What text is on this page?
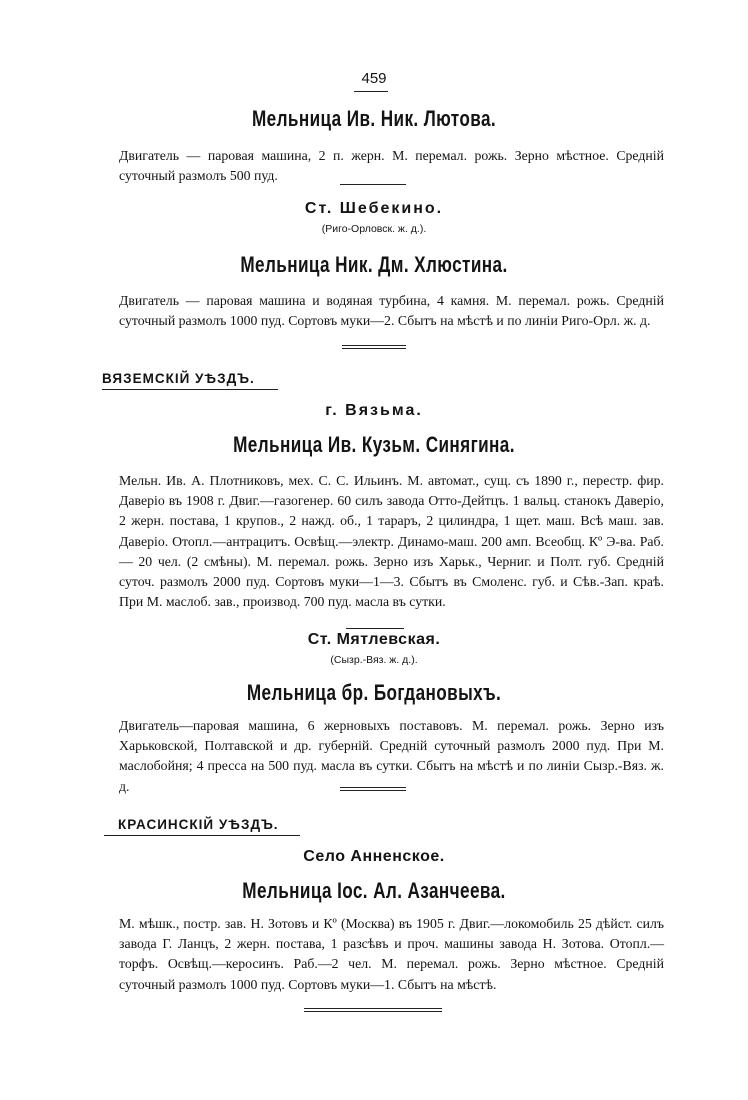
459
Мельница Ив. Ник. Лютова.

Двигатель — паровая машина, 2 п. жерн. М. перемал. рожь. Зерно мѣстное. Средній суточный размолъ 500 пуд.

Ст. Шебекино.
(Риго-Орловск. ж. д.).
Мельница Ник. Дм. Хлюстина.

Двигатель — паровая машина и водяная турбина, 4 камня. М. перемал. рожь. Средній суточный размолъ 1000 пуд. Сортовъ муки—2. Сбытъ на мѣстѣ и по линіи Риго-Орл. ж. д.

ВЯЗЕМСКІЙ УѢЗДЪ.
г. Вязьма.
Мельница Ив. Кузьм. Синягина.

Мельн. Ив. А. Плотниковъ, мех. С. С. Ильинъ. М. автомат., сущ. съ 1890 г., перестр. фир. Даверіо въ 1908 г. Двиг.—газогенер. 60 силъ завода Отто-Дейтцъ. 1 вальц. станокъ Даверіо, 2 жерн. постава, 1 крупов., 2 нажд. об., 1 тараръ, 2 цилиндра, 1 щет. маш. Всѣ маш. зав. Даверіо. Отопл.—антрацитъ. Освѣщ.—электр. Динамо-маш. 200 амп. Всеобщ. Кº Э-ва. Раб. — 20 чел. (2 смѣны). М. перемал. рожь. Зерно изъ Харьк., Черниг. и Полт. губ. Средній суточ. размолъ 2000 пуд. Сортовъ муки—1—3. Сбытъ въ Смоленс. губ. и Сѣв.-Зап. краѣ. При М. маслоб. зав., производ. 700 пуд. масла въ сутки.

Ст. Мятлевская.
(Сызр.-Вяз. ж. д.).
Мельница бр. Богдановыхъ.

Двигатель—паровая машина, 6 жерновыхъ поставовъ. М. перемал. рожь. Зерно изъ Харьковской, Полтавской и др. губерній. Средній суточный размолъ 2000 пуд. При М. маслобойня; 4 пресса на 500 пуд. масла въ сутки. Сбытъ на мѣстѣ и по линіи Сызр.-Вяз. ж. д.

КРАСИНСКІЙ УѢЗДЪ.
Село Анненское.
Мельница Іос. Ал. Азанчеева.

М. мѣшк., постр. зав. Н. Зотовъ и Кº (Москва) въ 1905 г. Двиг.—локомобиль 25 дѣйст. силъ завода Г. Ланцъ, 2 жерн. постава, 1 разсѣвъ и проч. машины завода Н. Зотова. Отопл.—торфъ. Освѣщ.—керосинъ. Раб.—2 чел. М. перемал. рожь. Зерно мѣстное. Средній суточный размолъ 1000 пуд. Сортовъ муки—1. Сбытъ на мѣстѣ.
